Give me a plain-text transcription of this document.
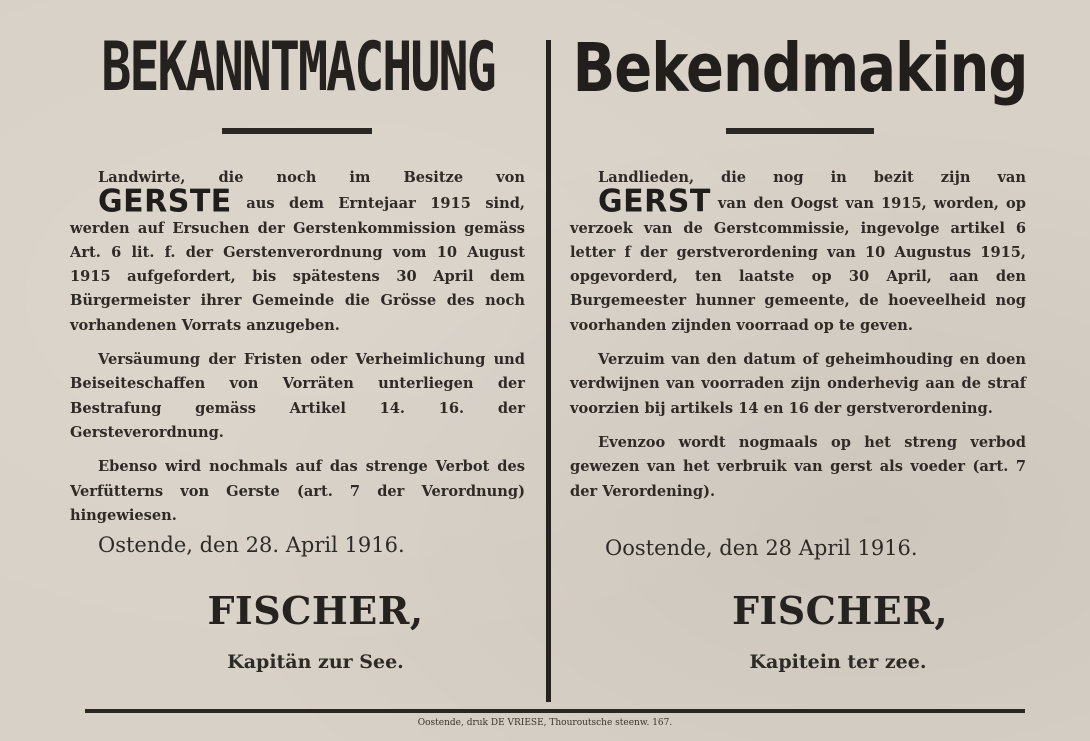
BEKANNTMACHUNG

Landwirte, die noch im Besitze von GERSTE aus dem Erntejaar 1915 sind, werden auf Ersuchen der Gerstenkommission gemäss Art. 6 lit. f. der Gerstenverordnung vom 10 August 1915 aufgefordert, bis spätestens 30 April dem Bürgermeister ihrer Gemeinde die Grösse des noch vorhandenen Vorrats anzugeben.

Versäumung der Fristen oder Verheimlichung und Beiseiteschaffen von Vorräten unterliegen der Bestrafung gemäss Artikel 14. 16. der Gersteverordnung.

Ebenso wird nochmals auf das strenge Verbot des Verfütterns von Gerste (art. 7 der Verordnung) hingewiesen.

Ostende, den 28. April 1916.
FISCHER,
Kapitän zur See.
Bekendmaking

Landlieden, die nog in bezit zijn van GERST van den Oogst van 1915, worden, op verzoek van de Gerstcommissie, ingevolge artikel 6 letter f der gerstverordening van 10 Augustus 1915, opgevorderd, ten laatste op 30 April, aan den Burgemeester hunner gemeente, de hoeveelheid nog voorhanden zijnden voorraad op te geven.

Verzuim van den datum of geheimhouding en doen verdwijnen van voorraden zijn onderhevig aan de straf voorzien bij artikels 14 en 16 der gerstverordening.

Evenzoo wordt nogmaals op het streng verbod gewezen van het verbruik van gerst als voeder (art. 7 der Verordening).

Oostende, den 28 April 1916.
FISCHER,
Kapitein ter zee.
Oostende, druk DE VRIESE, Thouroutsche steenw. 167.
